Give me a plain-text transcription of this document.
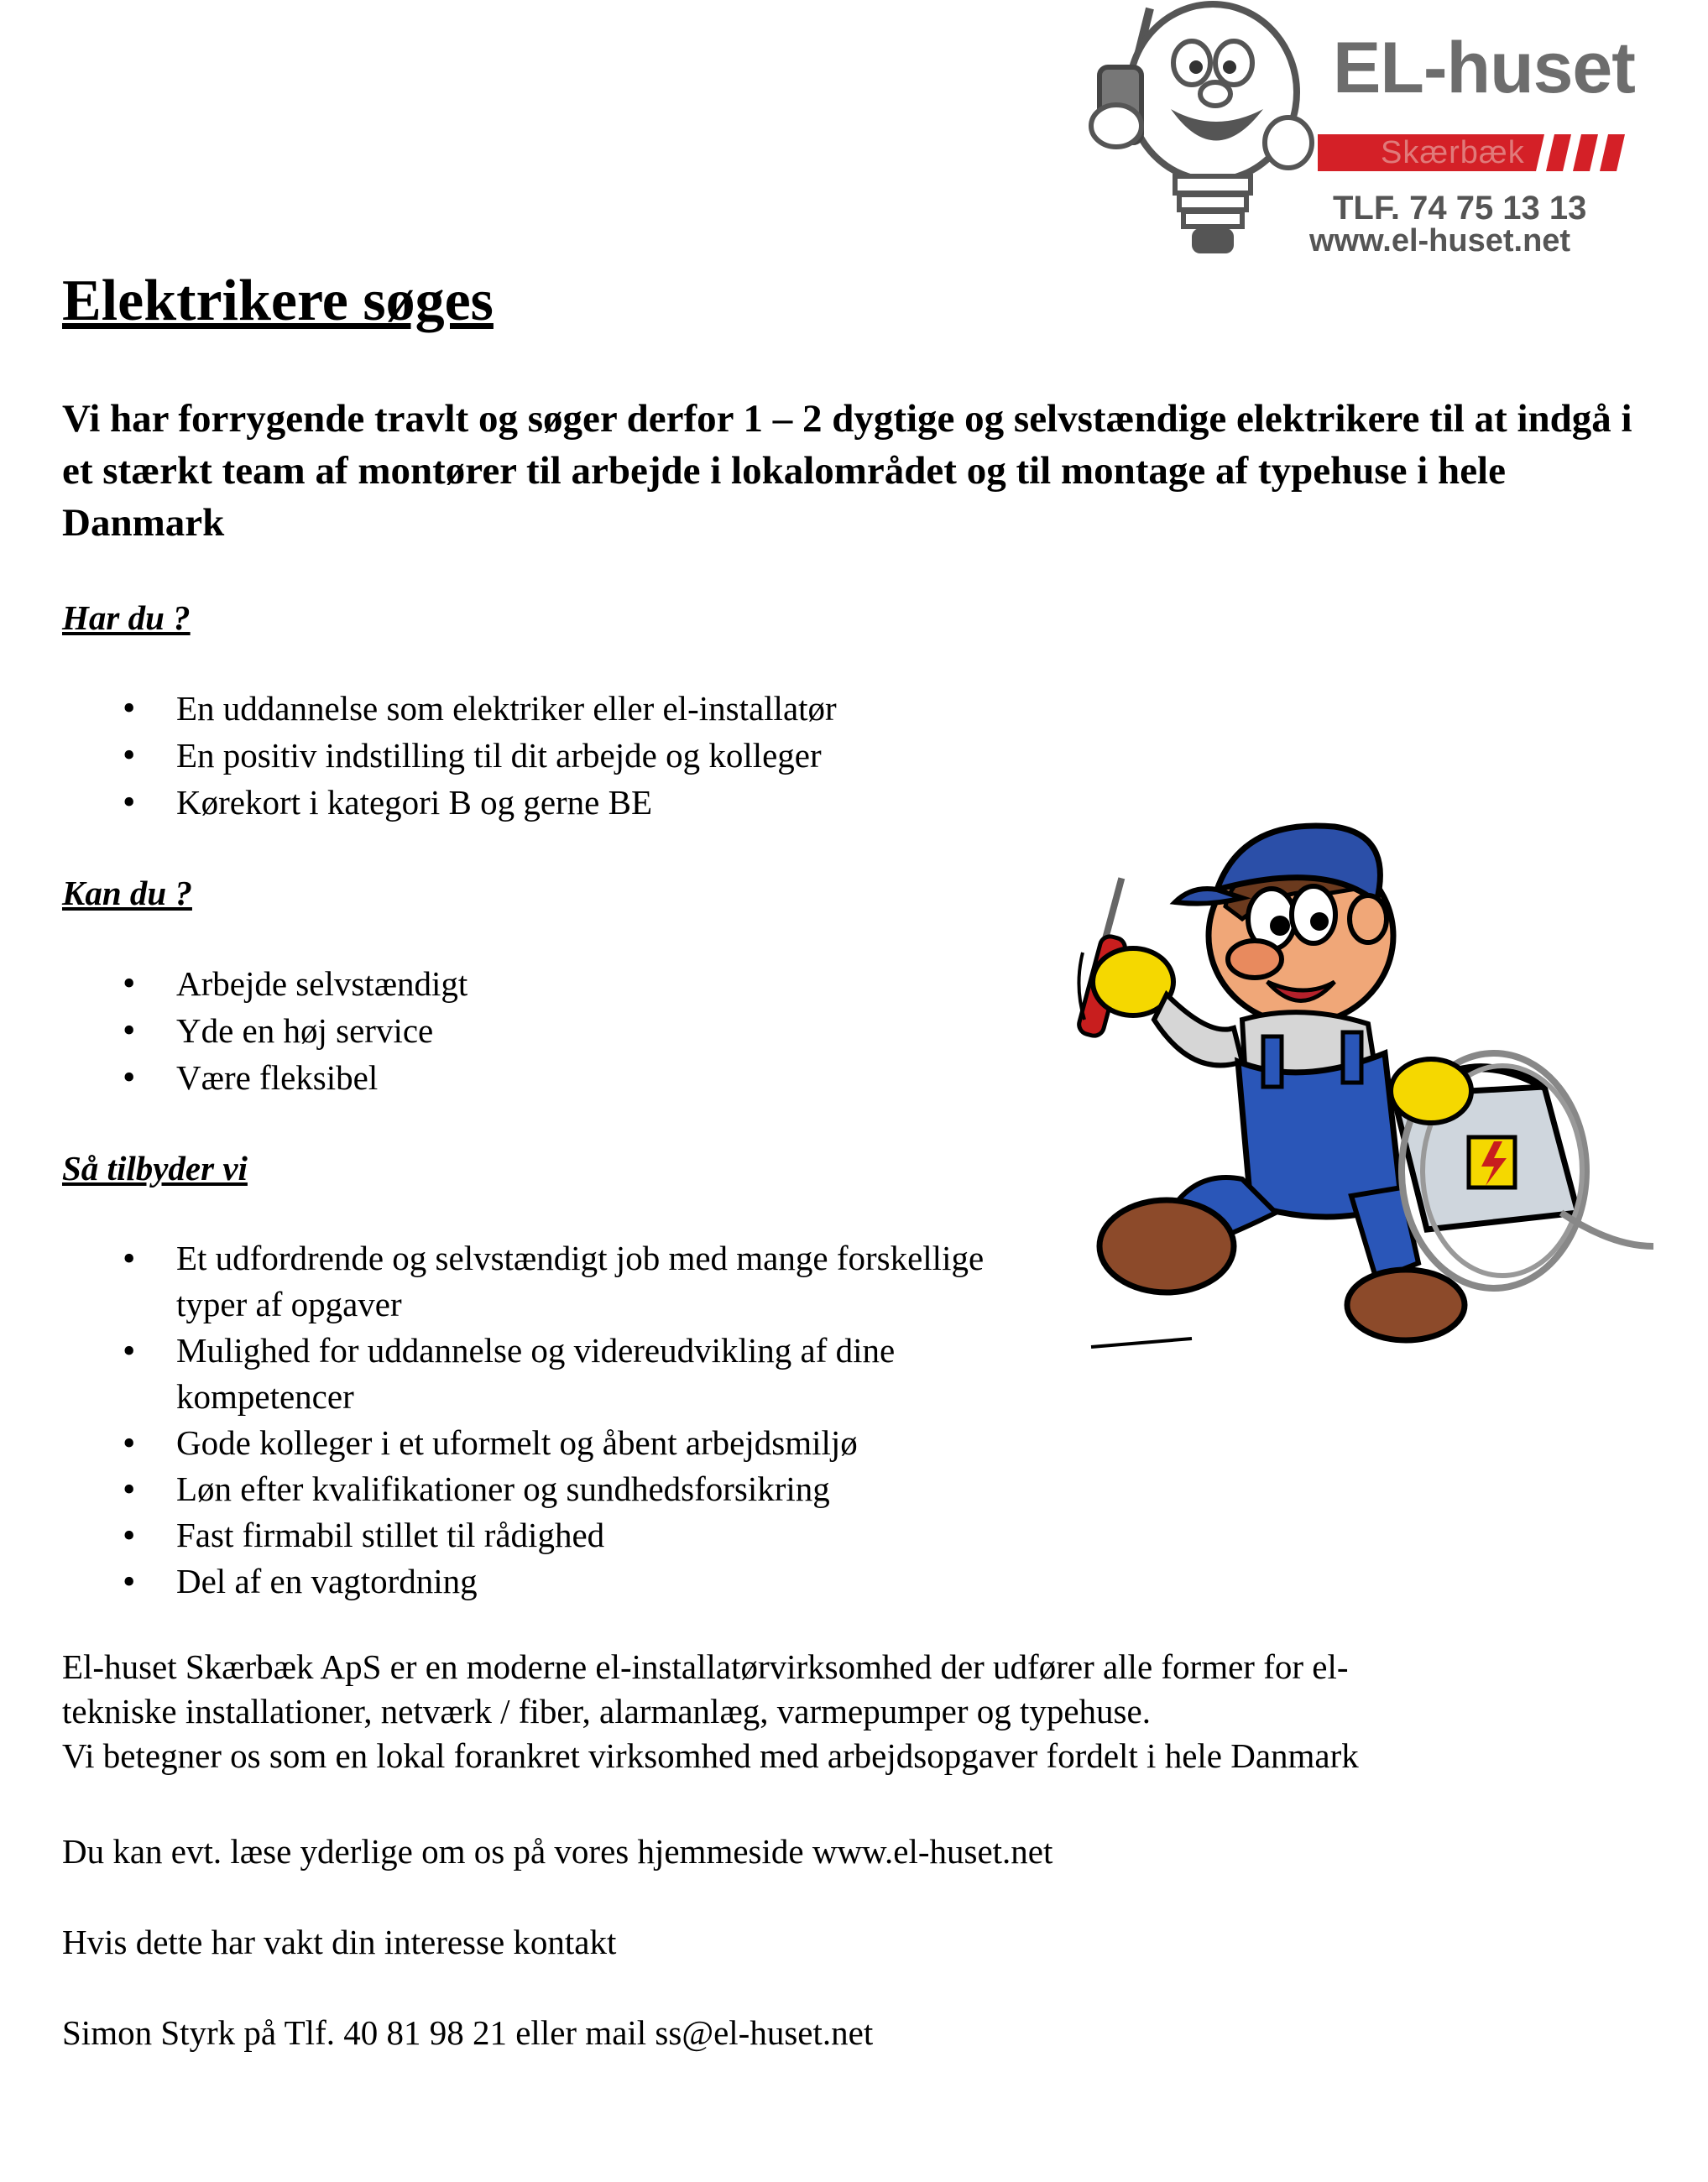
EL-huset
Skærbæk
TLF. 74 75 13 13
www.el-huset.net
Elektrikere søges

Vi har forrygende travlt og søger derfor 1 – 2 dygtige og selvstændige elektrikere til at indgå i et stærkt team af montører til arbejde i lokalområdet og til montage af typehuse i hele Danmark

Har du ?
• En uddannelse som elektriker eller el-installatør
• En positiv indstilling til dit arbejde og kolleger
• Kørekort i kategori B og gerne BE
Kan du ?
• Arbejde selvstændigt
• Yde en høj service
• Være fleksibel
Så tilbyder vi
• Et udfordrende og selvstændigt job med mange forskellige typer af opgaver
• Mulighed for uddannelse og videreudvikling af dine kompetencer
• Gode kolleger i et uformelt og åbent arbejdsmiljø
• Løn efter kvalifikationer og sundhedsforsikring
• Fast firmabil stillet til rådighed
• Del af en vagtordning

El-huset Skærbæk ApS er en moderne el-installatørvirksomhed der udfører alle former for el-
tekniske installationer, netværk / fiber, alarmanlæg, varmepumper og typehuse.
Vi betegner os som en lokal forankret virksomhed med arbejdsopgaver fordelt i hele Danmark

Du kan evt. læse yderlige om os på vores hjemmeside www.el-huset.net

Hvis dette har vakt din interesse kontakt

Simon Styrk på Tlf. 40 81 98 21 eller mail ss@el-huset.net
